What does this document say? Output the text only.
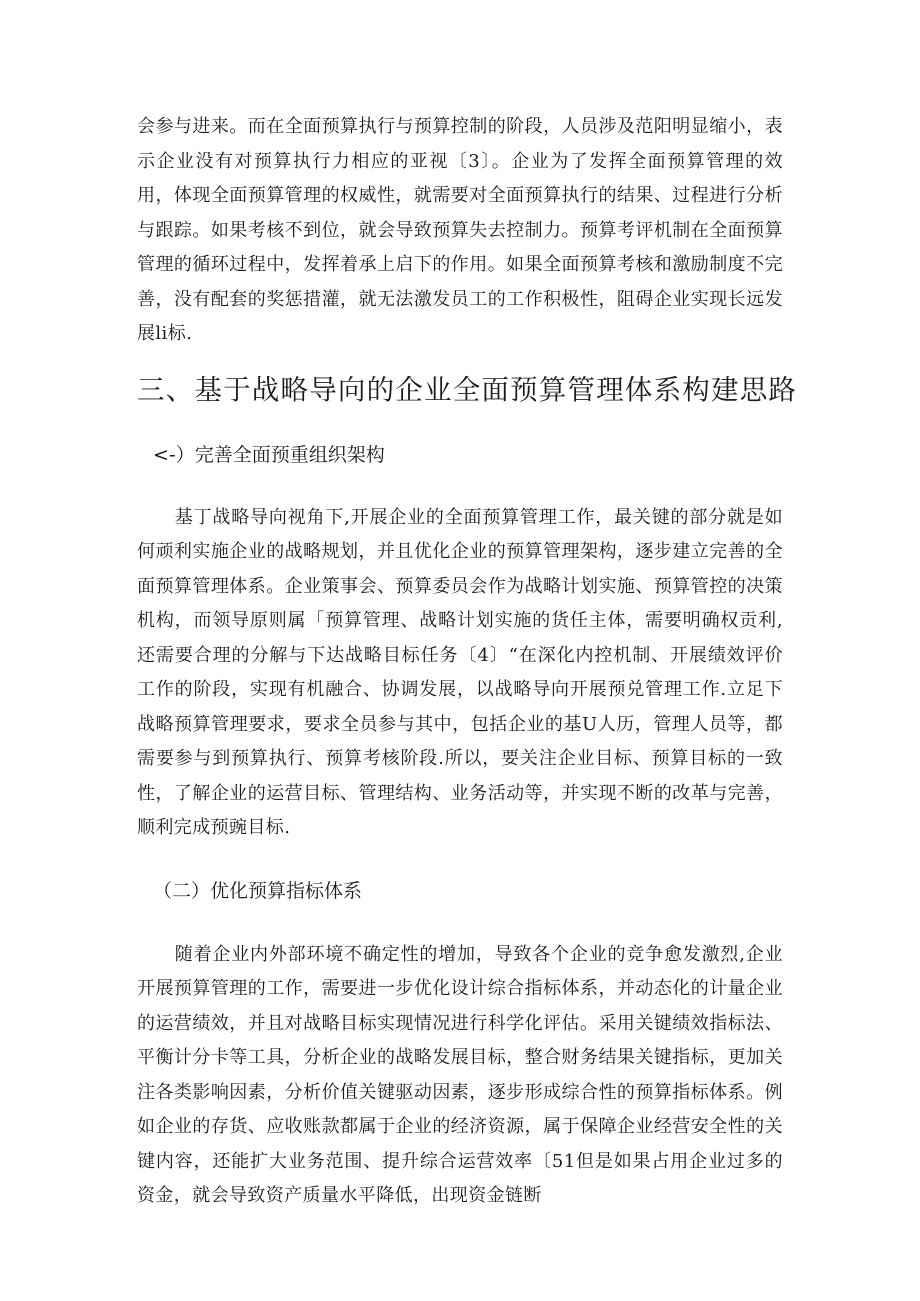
会参与进来。而在全面预算执行与预算控制的阶段，人员涉及范阳明显缩小，表示企业没有对预算执行力相应的亚视〔3〕。企业为了发挥全面预算管理的效用，体现全面预算管理的权威性，就需要对全面预算执行的结果、过程进行分析与跟踪。如果考核不到位，就会导致预算失去控制力。预算考评机制在全面预算管理的循环过程中，发挥着承上启下的作用。如果全面预算考核和激励制度不完善，没有配套的奖惩措灌，就无法激发员工的工作积极性，阻碍企业实现长远发展li标.

三、基于战略导向的企业全面预算管理体系构建思路
<-）完善全面预重组织架构

基丁战略导向视角下,开展企业的全面预算管理工作，最关键的部分就是如何顽利实施企业的战略规划，并且优化企业的预算管理架构，逐步建立完善的全面预算管理体系。企业策事会、预算委员会作为战略计划实施、预算管控的决策机构，而领导原则属「预算管理、战略计划实施的货任主体，需要明确权贡利,还需要合理的分解与下达战略目标任务〔4〕“在深化内控机制、开展绩效评价工作的阶段，实现有机融合、协调发展，以战略导向开展预兑管理工作.立足下战略预算管理要求，要求全员参与其中，包括企业的基U人历，管理人员等，都需要参与到预算执行、预算考核阶段.所以，要关注企业目标、预算目标的一致性，了解企业的运营目标、管理结构、业务活动等，并实现不断的改革与完善，顺利完成预豌目标.

（二）优化预算指标体系

随着企业内外部环境不确定性的增加，导致各个企业的竞争愈发激烈,企业开展预算管理的工作，需要进一步优化设计综合指标体系，并动态化的计量企业的运营绩效，并且对战略目标实现情况进行科学化评估。采用关键绩效指标法、平衡计分卡等工具，分析企业的战略发展目标，整合财务结果关键指标，更加关注各类影响因素，分析价值关键驱动因素，逐步形成综合性的预算指标体系。例如企业的存货、应收账款都属于企业的经济资源，属于保障企业经营安全性的关键内容，还能扩大业务范围、提升综合运营效率〔51但是如果占用企业过多的资金，就会导致资产质量水平降低，出现资金链断
